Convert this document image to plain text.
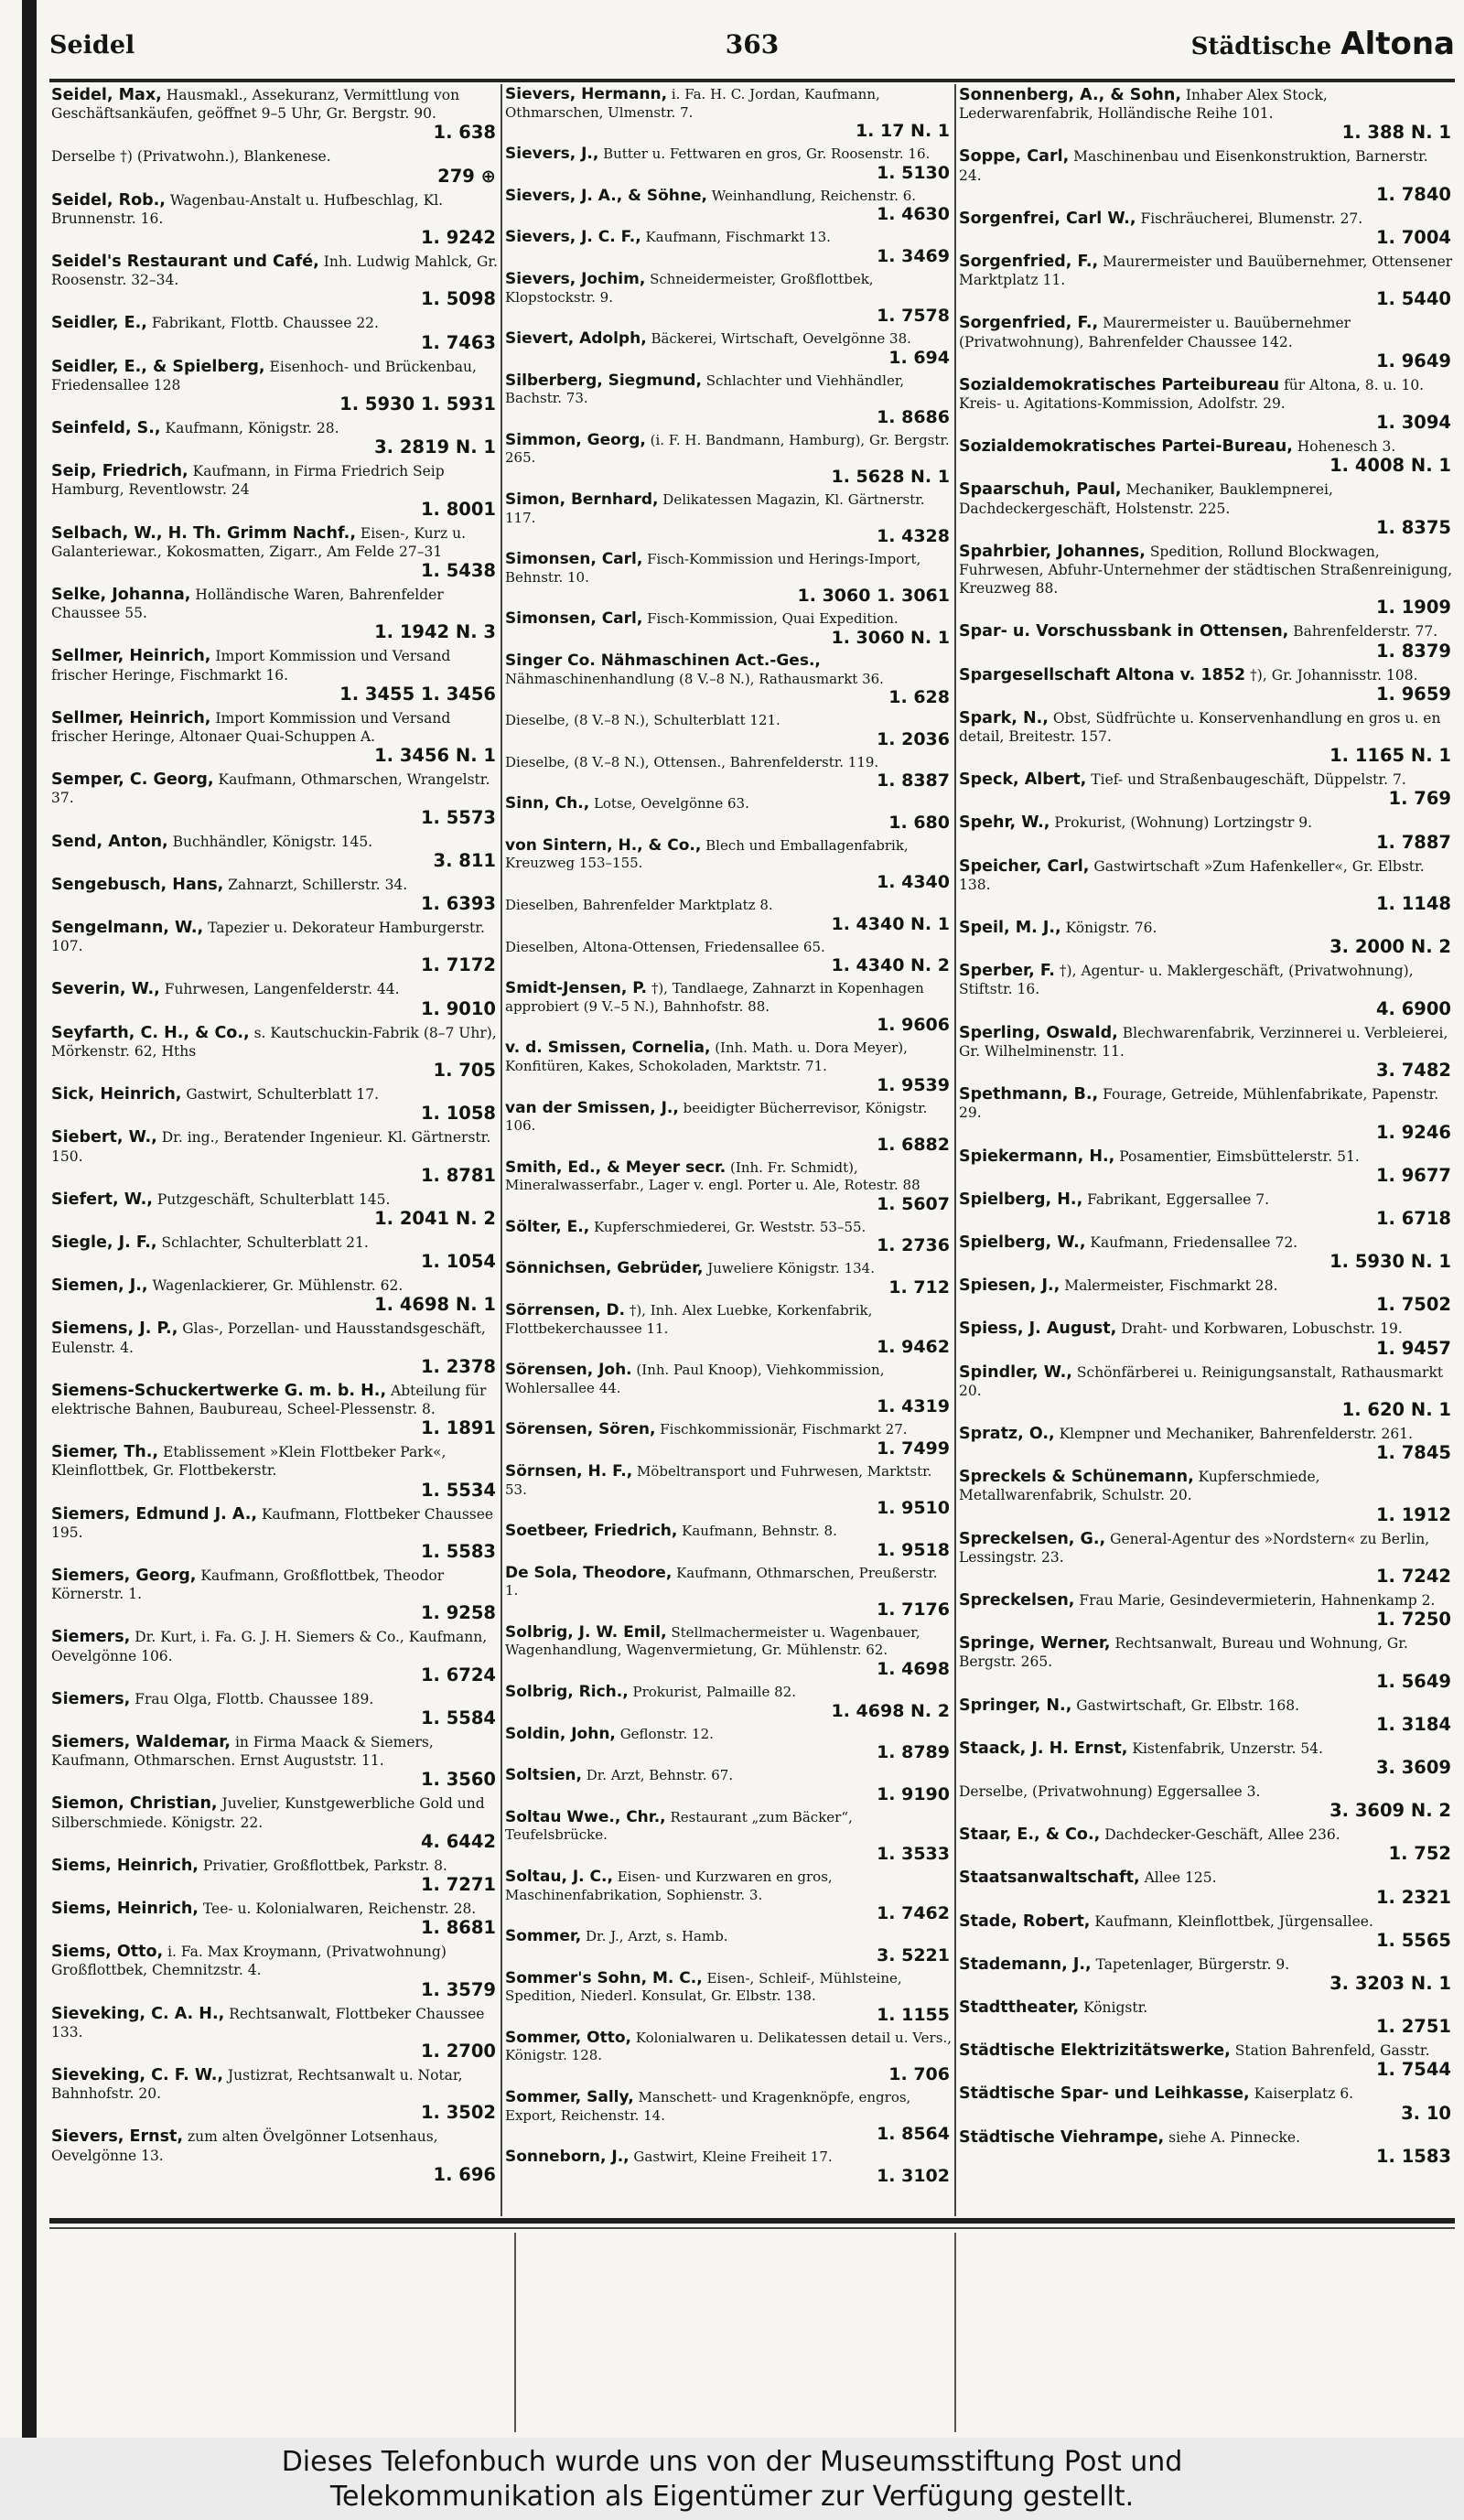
Seidel	363	Städtische Altona
Seidel, Max, Hausmakl., Assekuranz, Vermittlung von Geschäftsankäufen, geöffnet 9–5 Uhr, Gr. Bergstr. 90.
1. 638
Derselbe †) (Privatwohn.), Blankenese.
279 ⊕
Seidel, Rob., Wagenbau-Anstalt u. Hufbeschlag, Kl. Brunnenstr. 16.
1. 9242
Seidel's Restaurant und Café, Inh. Ludwig Mahlck, Gr. Roosenstr. 32–34.
1. 5098
Seidler, E., Fabrikant, Flottb. Chaussee 22.
1. 7463
Seidler, E., & Spielberg, Eisenhoch- und Brückenbau, Friedensallee 128
1. 5930 1. 5931
Seinfeld, S., Kaufmann, Königstr. 28.
3. 2819 N. 1
Seip, Friedrich, Kaufmann, in Firma Friedrich Seip Hamburg, Reventlowstr. 24
1. 8001
Selbach, W., H. Th. Grimm Nachf., Eisen-, Kurz u. Galanteriewar., Kokosmatten, Zigarr., Am Felde 27–31
1. 5438
Selke, Johanna, Holländische Waren, Bahrenfelder Chaussee 55.
1. 1942 N. 3
Sellmer, Heinrich, Import Kommission und Versand frischer Heringe, Fischmarkt 16.
1. 3455 1. 3456
Sellmer, Heinrich, Import Kommission und Versand frischer Heringe, Altonaer Quai-Schuppen A.
1. 3456 N. 1
Semper, C. Georg, Kaufmann, Othmarschen, Wrangelstr. 37.
1. 5573
Send, Anton, Buchhändler, Königstr. 145.
3. 811
Sengebusch, Hans, Zahnarzt, Schillerstr. 34.
1. 6393
Sengelmann, W., Tapezier u. Dekorateur Hamburgerstr. 107.
1. 7172
Severin, W., Fuhrwesen, Langenfelderstr. 44.
1. 9010
Seyfarth, C. H., & Co., s. Kautschuckin-Fabrik (8–7 Uhr), Mörkenstr. 62, Hths
1. 705
Sick, Heinrich, Gastwirt, Schulterblatt 17.
1. 1058
Siebert, W., Dr. ing., Beratender Ingenieur. Kl. Gärtnerstr. 150.
1. 8781
Siefert, W., Putzgeschäft, Schulterblatt 145.
1. 2041 N. 2
Siegle, J. F., Schlachter, Schulterblatt 21.
1. 1054
Siemen, J., Wagenlackierer, Gr. Mühlenstr. 62.
1. 4698 N. 1
Siemens, J. P., Glas-, Porzellan- und Hausstandsgeschäft, Eulenstr. 4.
1. 2378
Siemens-Schuckertwerke G. m. b. H., Abteilung für elektrische Bahnen, Baubureau, Scheel-Plessenstr. 8.
1. 1891
Siemer, Th., Etablissement »Klein Flottbeker Park«, Kleinflottbek, Gr. Flottbekerstr.
1. 5534
Siemers, Edmund J. A., Kaufmann, Flottbeker Chaussee 195.
1. 5583
Siemers, Georg, Kaufmann, Großflottbek, Theodor Körnerstr. 1.
1. 9258
Siemers, Dr. Kurt, i. Fa. G. J. H. Siemers & Co., Kaufmann, Oevelgönne 106.
1. 6724
Siemers, Frau Olga, Flottb. Chaussee 189.
1. 5584
Siemers, Waldemar, in Firma Maack & Siemers, Kaufmann, Othmarschen. Ernst Auguststr. 11.
1. 3560
Siemon, Christian, Juvelier, Kunstgewerbliche Gold und Silberschmiede. Königstr. 22.
4. 6442
Siems, Heinrich, Privatier, Großflottbek, Parkstr. 8.
1. 7271
Siems, Heinrich, Tee- u. Kolonialwaren, Reichenstr. 28.
1. 8681
Siems, Otto, i. Fa. Max Kroymann, (Privatwohnung) Großflottbek, Chemnitzstr. 4.
1. 3579
Sieveking, C. A. H., Rechtsanwalt, Flottbeker Chaussee 133.
1. 2700
Sieveking, C. F. W., Justizrat, Rechtsanwalt u. Notar, Bahnhofstr. 20.
1. 3502
Sievers, Ernst, zum alten Övelgönner Lotsenhaus, Oevelgönne 13.
1. 696
Sievers, Hermann, i. Fa. H. C. Jordan, Kaufmann, Othmarschen, Ulmenstr. 7.
1. 17 N. 1
Sievers, J., Butter u. Fettwaren en gros, Gr. Roosenstr. 16.
1. 5130
Sievers, J. A., & Söhne, Weinhandlung, Reichenstr. 6.
1. 4630
Sievers, J. C. F., Kaufmann, Fischmarkt 13.
1. 3469
Sievers, Jochim, Schneidermeister, Großflottbek, Klopstockstr. 9.
1. 7578
Sievert, Adolph, Bäckerei, Wirtschaft, Oevelgönne 38.
1. 694
Silberberg, Siegmund, Schlachter und Viehhändler, Bachstr. 73.
1. 8686
Simmon, Georg, (i. F. H. Bandmann, Hamburg), Gr. Bergstr. 265.
1. 5628 N. 1
Simon, Bernhard, Delikatessen Magazin, Kl. Gärtnerstr. 117.
1. 4328
Simonsen, Carl, Fisch-Kommission und Herings-Import, Behnstr. 10.
1. 3060 1. 3061
Simonsen, Carl, Fisch-Kommission, Quai Expedition.
1. 3060 N. 1
Singer Co. Nähmaschinen Act.-Ges., Nähmaschinenhandlung (8 V.–8 N.), Rathausmarkt 36.
1. 628
Dieselbe, (8 V.–8 N.), Schulterblatt 121.
1. 2036
Dieselbe, (8 V.–8 N.), Ottensen., Bahrenfelderstr. 119.
1. 8387
Sinn, Ch., Lotse, Oevelgönne 63.
1. 680
von Sintern, H., & Co., Blech und Emballagenfabrik, Kreuzweg 153–155.
1. 4340
Dieselben, Bahrenfelder Marktplatz 8.
1. 4340 N. 1
Dieselben, Altona-Ottensen, Friedensallee 65.
1. 4340 N. 2
Smidt-Jensen, P. †), Tandlaege, Zahnarzt in Kopenhagen approbiert (9 V.–5 N.), Bahnhofstr. 88.
1. 9606
v. d. Smissen, Cornelia, (Inh. Math. u. Dora Meyer), Konfitüren, Kakes, Schokoladen, Marktstr. 71.
1. 9539
van der Smissen, J., beeidigter Bücherrevisor, Königstr. 106.
1. 6882
Smith, Ed., & Meyer secr. (Inh. Fr. Schmidt), Mineralwasserfabr., Lager v. engl. Porter u. Ale, Rotestr. 88
1. 5607
Sölter, E., Kupferschmiederei, Gr. Weststr. 53–55.
1. 2736
Sönnichsen, Gebrüder, Juweliere Königstr. 134.
1. 712
Sörrensen, D. †), Inh. Alex Luebke, Korkenfabrik, Flottbekerchaussee 11.
1. 9462
Sörensen, Joh. (Inh. Paul Knoop), Viehkommission, Wohlersallee 44.
1. 4319
Sörensen, Sören, Fischkommissionär, Fischmarkt 27.
1. 7499
Sörnsen, H. F., Möbeltransport und Fuhrwesen, Marktstr. 53.
1. 9510
Soetbeer, Friedrich, Kaufmann, Behnstr. 8.
1. 9518
De Sola, Theodore, Kaufmann, Othmarschen, Preußerstr. 1.
1. 7176
Solbrig, J. W. Emil, Stellmachermeister u. Wagenbauer, Wagenhandlung, Wagenvermietung, Gr. Mühlenstr. 62.
1. 4698
Solbrig, Rich., Prokurist, Palmaille 82.
1. 4698 N. 2
Soldin, John, Geflonstr. 12.
1. 8789
Soltsien, Dr. Arzt, Behnstr. 67.
1. 9190
Soltau Wwe., Chr., Restaurant „zum Bäcker“, Teufelsbrücke.
1. 3533
Soltau, J. C., Eisen- und Kurzwaren en gros, Maschinenfabrikation, Sophienstr. 3.
1. 7462
Sommer, Dr. J., Arzt, s. Hamb.
3. 5221
Sommer's Sohn, M. C., Eisen-, Schleif-, Mühlsteine, Spedition, Niederl. Konsulat, Gr. Elbstr. 138.
1. 1155
Sommer, Otto, Kolonialwaren u. Delikatessen detail u. Vers., Königstr. 128.
1. 706
Sommer, Sally, Manschett- und Kragenknöpfe, engros, Export, Reichenstr. 14.
1. 8564
Sonneborn, J., Gastwirt, Kleine Freiheit 17.
1. 3102
Sonnenberg, A., & Sohn, Inhaber Alex Stock, Lederwarenfabrik, Holländische Reihe 101.
1. 388 N. 1
Soppe, Carl, Maschinenbau und Eisenkonstruktion, Barnerstr. 24.
1. 7840
Sorgenfrei, Carl W., Fischräucherei, Blumenstr. 27.
1. 7004
Sorgenfried, F., Maurermeister und Bauübernehmer, Ottensener Marktplatz 11.
1. 5440
Sorgenfried, F., Maurermeister u. Bauübernehmer (Privatwohnung), Bahrenfelder Chaussee 142.
1. 9649
Sozialdemokratisches Parteibureau für Altona, 8. u. 10. Kreis- u. Agitations-Kommission, Adolfstr. 29.
1. 3094
Sozialdemokratisches Partei-Bureau, Hohenesch 3.
1. 4008 N. 1
Spaarschuh, Paul, Mechaniker, Bauklempnerei, Dachdeckergeschäft, Holstenstr. 225.
1. 8375
Spahrbier, Johannes, Spedition, Rollund Blockwagen, Fuhrwesen, Abfuhr-Unternehmer der städtischen Straßenreinigung, Kreuzweg 88.
1. 1909
Spar- u. Vorschussbank in Ottensen, Bahrenfelderstr. 77.
1. 8379
Spargesellschaft Altona v. 1852 †), Gr. Johannisstr. 108.
1. 9659
Spark, N., Obst, Südfrüchte u. Konservenhandlung en gros u. en detail, Breitestr. 157.
1. 1165 N. 1
Speck, Albert, Tief- und Straßenbaugeschäft, Düppelstr. 7.
1. 769
Spehr, W., Prokurist, (Wohnung) Lortzingstr 9.
1. 7887
Speicher, Carl, Gastwirtschaft »Zum Hafenkeller«, Gr. Elbstr. 138.
1. 1148
Speil, M. J., Königstr. 76.
3. 2000 N. 2
Sperber, F. †), Agentur- u. Maklergeschäft, (Privatwohnung), Stiftstr. 16.
4. 6900
Sperling, Oswald, Blechwarenfabrik, Verzinnerei u. Verbleierei, Gr. Wilhelminenstr. 11.
3. 7482
Spethmann, B., Fourage, Getreide, Mühlenfabrikate, Papenstr. 29.
1. 9246
Spiekermann, H., Posamentier, Eimsbüttelerstr. 51.
1. 9677
Spielberg, H., Fabrikant, Eggersallee 7.
1. 6718
Spielberg, W., Kaufmann, Friedensallee 72.
1. 5930 N. 1
Spiesen, J., Malermeister, Fischmarkt 28.
1. 7502
Spiess, J. August, Draht- und Korbwaren, Lobuschstr. 19.
1. 9457
Spindler, W., Schönfärberei u. Reinigungsanstalt, Rathausmarkt 20.
1. 620 N. 1
Spratz, O., Klempner und Mechaniker, Bahrenfelderstr. 261.
1. 7845
Spreckels & Schünemann, Kupferschmiede, Metallwarenfabrik, Schulstr. 20.
1. 1912
Spreckelsen, G., General-Agentur des »Nordstern« zu Berlin, Lessingstr. 23.
1. 7242
Spreckelsen, Frau Marie, Gesindevermieterin, Hahnenkamp 2.
1. 7250
Springe, Werner, Rechtsanwalt, Bureau und Wohnung, Gr. Bergstr. 265.
1. 5649
Springer, N., Gastwirtschaft, Gr. Elbstr. 168.
1. 3184
Staack, J. H. Ernst, Kistenfabrik, Unzerstr. 54.
3. 3609
Derselbe, (Privatwohnung) Eggersallee 3.
3. 3609 N. 2
Staar, E., & Co., Dachdecker-Geschäft, Allee 236.
1. 752
Staatsanwaltschaft, Allee 125.
1. 2321
Stade, Robert, Kaufmann, Kleinflottbek, Jürgensallee.
1. 5565
Stademann, J., Tapetenlager, Bürgerstr. 9.
3. 3203 N. 1
Stadttheater, Königstr.
1. 2751
Städtische Elektrizitätswerke, Station Bahrenfeld, Gasstr.
1. 7544
Städtische Spar- und Leihkasse, Kaiserplatz 6.
3. 10
Städtische Viehrampe, siehe A. Pinnecke.
1. 1583
Dieses Telefonbuch wurde uns von der Museumsstiftung Post und
Telekommunikation als Eigentümer zur Verfügung gestellt.
